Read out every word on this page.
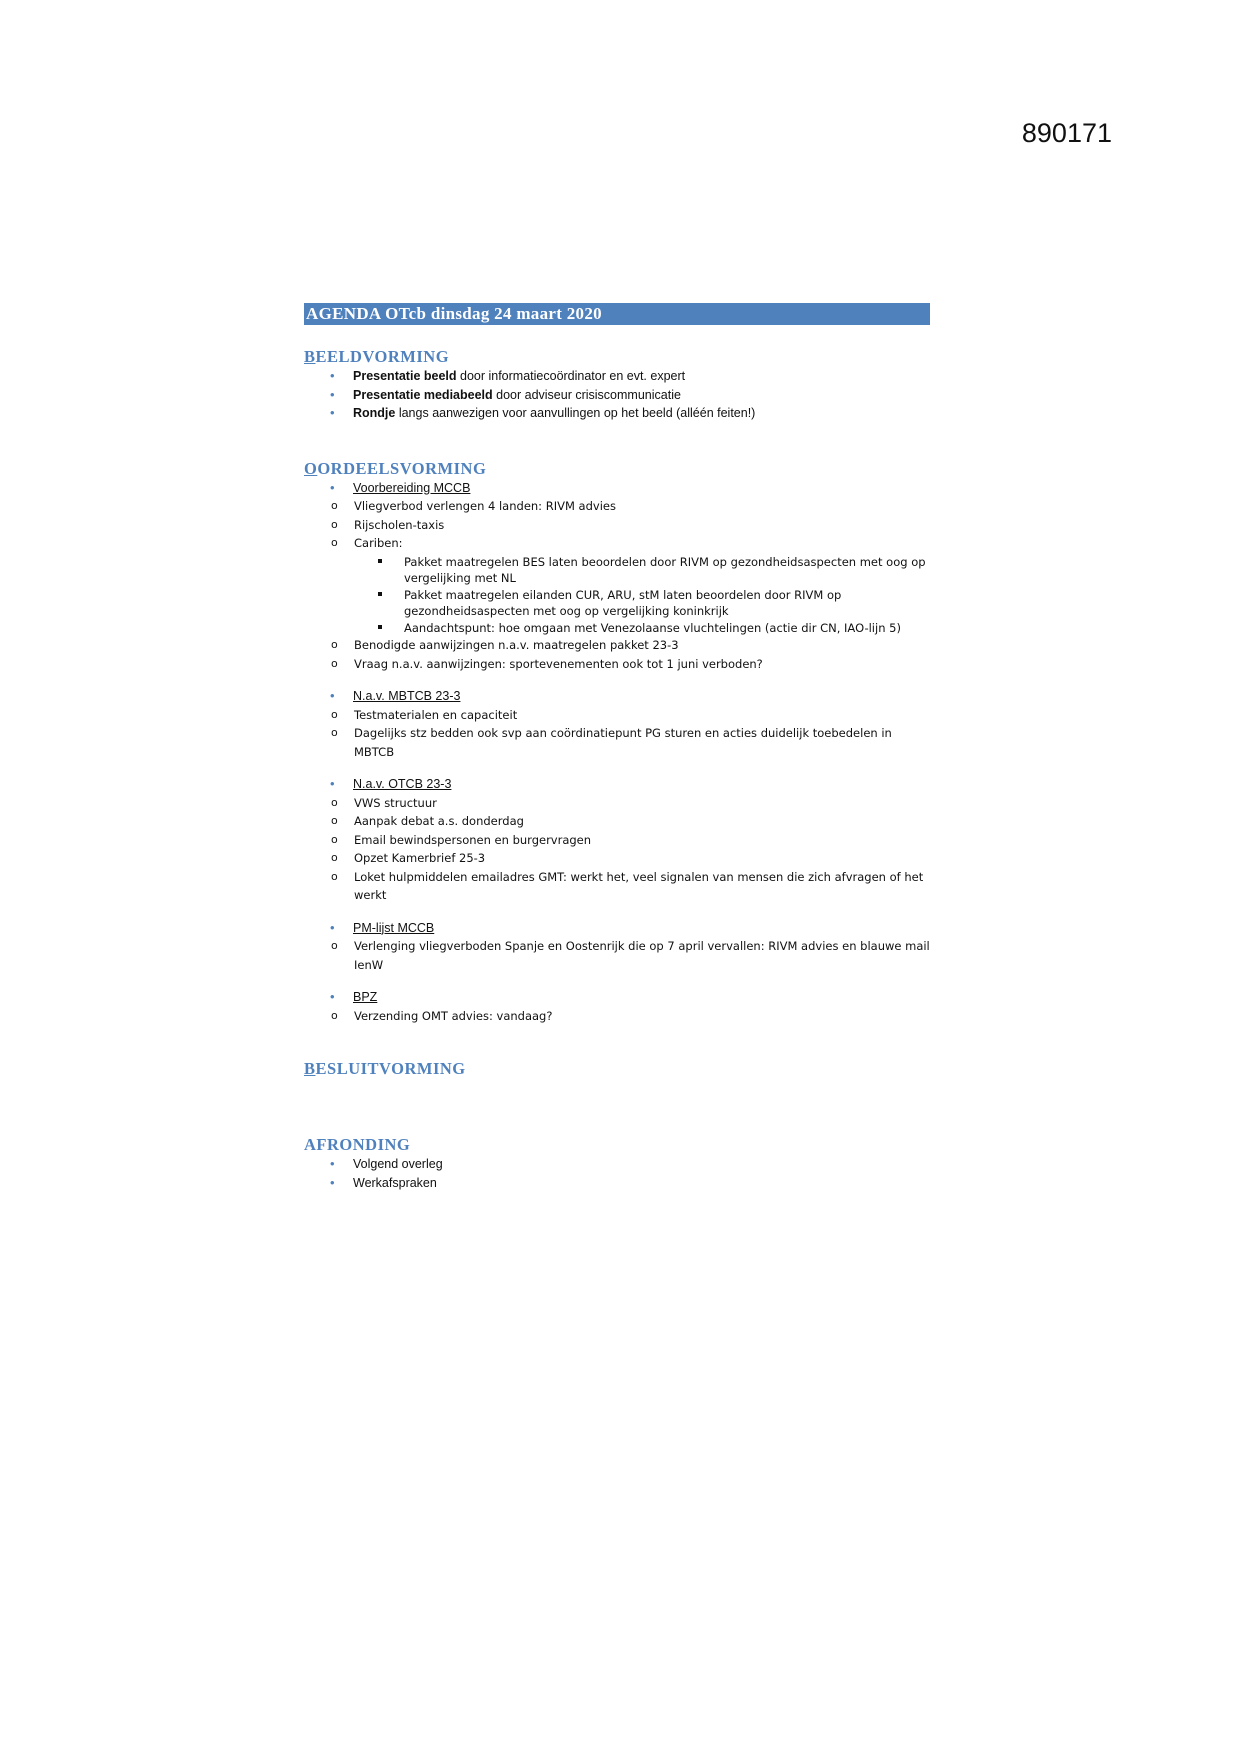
890171
AGENDA OTcb dinsdag 24 maart 2020
BEELDVORMING
• Presentatie beeld door informatiecoördinator en evt. expert
• Presentatie mediabeeld door adviseur crisiscommunicatie
• Rondje langs aanwezigen voor aanvullingen op het beeld (alléén feiten!)
OORDEELSVORMING
• Voorbereiding MCCB
o Vliegverbod verlengen 4 landen: RIVM advies
o Rijscholen-taxis
o Cariben:
Pakket maatregelen BES laten beoordelen door RIVM op gezondheidsaspecten met oog op vergelijking met NL
Pakket maatregelen eilanden CUR, ARU, stM laten beoordelen door RIVM op gezondheidsaspecten met oog op vergelijking koninkrijk
Aandachtspunt: hoe omgaan met Venezolaanse vluchtelingen (actie dir CN, IAO-lijn 5)
o Benodigde aanwijzingen n.a.v. maatregelen pakket 23-3
o Vraag n.a.v. aanwijzingen: sportevenementen ook tot 1 juni verboden?
• N.a.v. MBTCB 23-3
o Testmaterialen en capaciteit
o Dagelijks stz bedden ook svp aan coördinatiepunt PG sturen en acties duidelijk toebedelen in MBTCB
• N.a.v. OTCB 23-3
o VWS structuur
o Aanpak debat a.s. donderdag
o Email bewindspersonen en burgervragen
o Opzet Kamerbrief 25-3
o Loket hulpmiddelen emailadres GMT: werkt het, veel signalen van mensen die zich afvragen of het werkt
• PM-lijst MCCB
o Verlenging vliegverboden Spanje en Oostenrijk die op 7 april vervallen: RIVM advies en blauwe mail IenW
• BPZ
o Verzending OMT advies: vandaag?
BESLUITVORMING
AFRONDING
• Volgend overleg
• Werkafspraken
